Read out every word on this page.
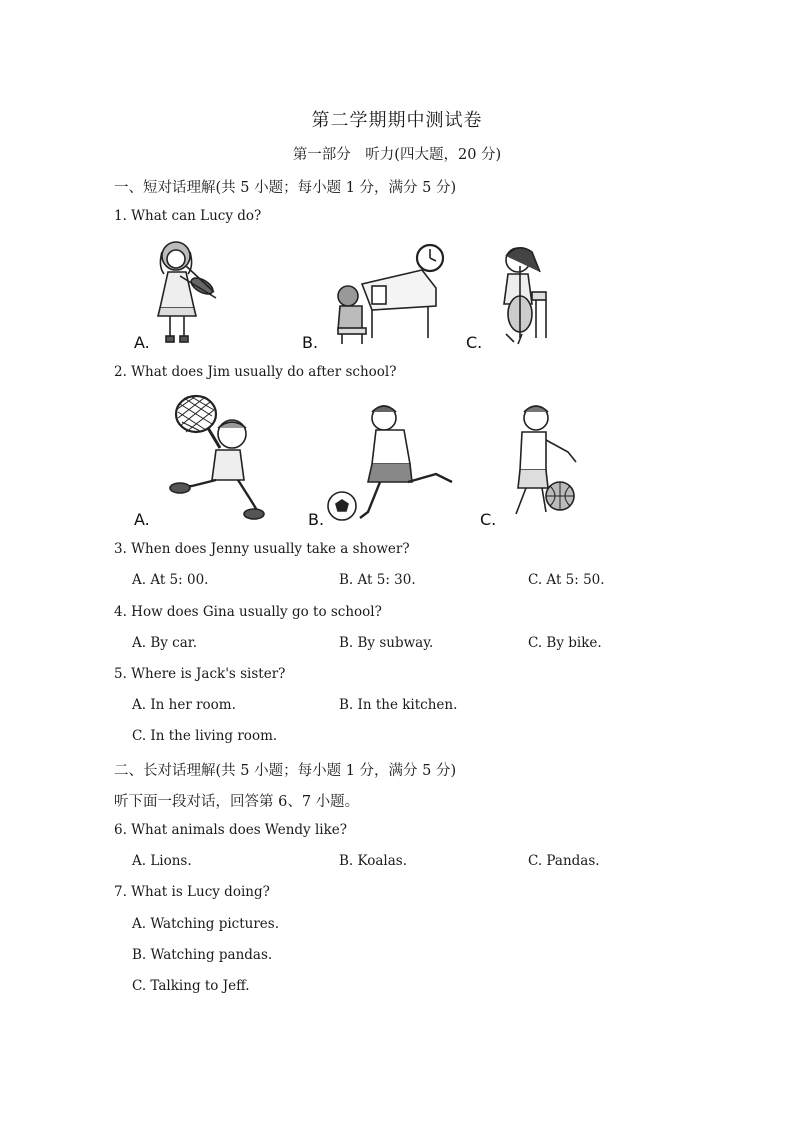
第二学期期中测试卷
第一部分　听力(四大题，20 分)
一、短对话理解(共 5 小题；每小题 1 分，满分 5 分)
1. What can Lucy do?
A.	B.	C.
2. What does Jim usually do after school?
A.	B.	C.
3. When does Jenny usually take a shower?
A. At 5: 00.	B. At 5: 30.	C. At 5: 50.
4. How does Gina usually go to school?
A. By car.	B. By subway.	C. By bike.
5. Where is Jack's sister?
A. In her room.	B. In the kitchen.
C. In the living room.
二、长对话理解(共 5 小题；每小题 1 分，满分 5 分)
听下面一段对话，回答第 6、7 小题。
6. What animals does Wendy like?
A. Lions.	B. Koalas.	C. Pandas.
7. What is Lucy doing?
A. Watching pictures.
B. Watching pandas.
C. Talking to Jeff.
